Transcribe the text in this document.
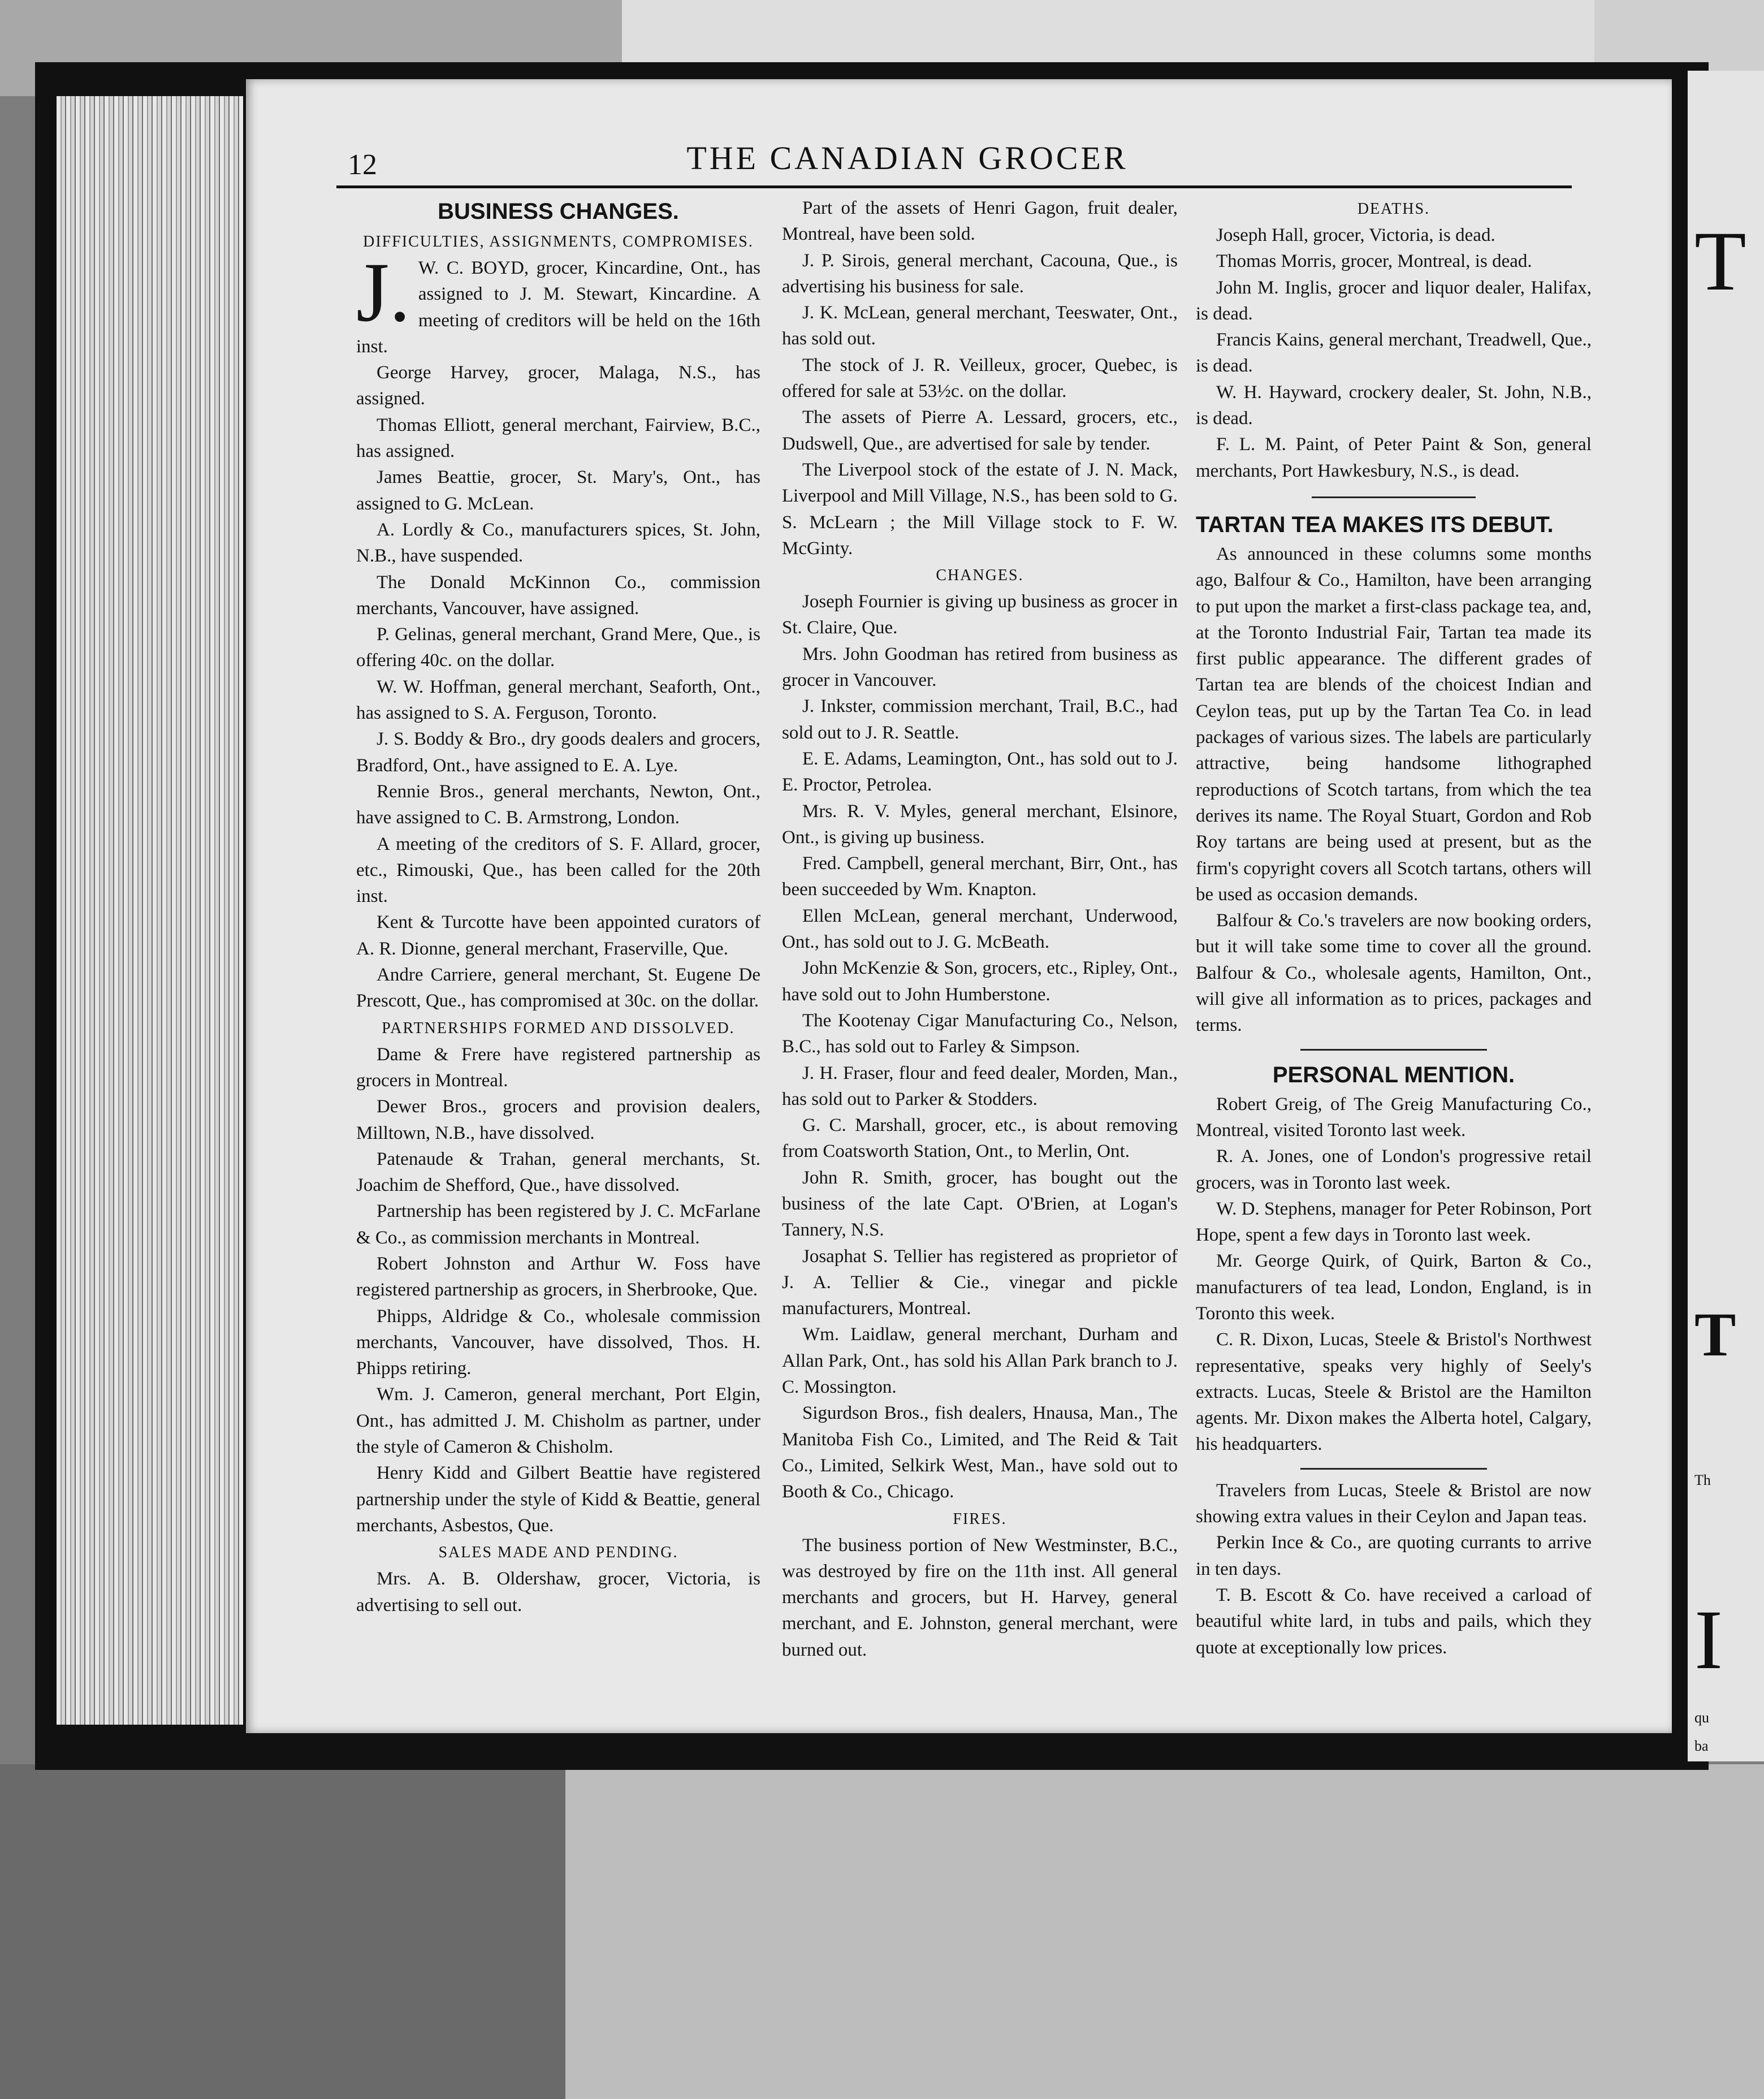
T
T
Th
I
qu
ba
12	THE CANADIAN GROCER
BUSINESS CHANGES.
DIFFICULTIES, ASSIGNMENTS, COMPROMISES.
J. W. C. BOYD, grocer, Kincardine, Ont., has assigned to J. M. Stewart, Kincardine. A meeting of creditors will be held on the 16th inst.

George Harvey, grocer, Malaga, N.S., has assigned.

Thomas Elliott, general merchant, Fairview, B.C., has assigned.

James Beattie, grocer, St. Mary's, Ont., has assigned to G. McLean.

A. Lordly & Co., manufacturers spices, St. John, N.B., have suspended.

The Donald McKinnon Co., commission merchants, Vancouver, have assigned.

P. Gelinas, general merchant, Grand Mere, Que., is offering 40c. on the dollar.

W. W. Hoffman, general merchant, Seaforth, Ont., has assigned to S. A. Ferguson, Toronto.

J. S. Boddy & Bro., dry goods dealers and grocers, Bradford, Ont., have assigned to E. A. Lye.

Rennie Bros., general merchants, Newton, Ont., have assigned to C. B. Armstrong, London.

A meeting of the creditors of S. F. Allard, grocer, etc., Rimouski, Que., has been called for the 20th inst.

Kent & Turcotte have been appointed curators of A. R. Dionne, general merchant, Fraserville, Que.

Andre Carriere, general merchant, St. Eugene De Prescott, Que., has compromised at 30c. on the dollar.

PARTNERSHIPS FORMED AND DISSOLVED.

Dame & Frere have registered partnership as grocers in Montreal.

Dewer Bros., grocers and provision dealers, Milltown, N.B., have dissolved.

Patenaude & Trahan, general merchants, St. Joachim de Shefford, Que., have dissolved.

Partnership has been registered by J. C. McFarlane & Co., as commission merchants in Montreal.

Robert Johnston and Arthur W. Foss have registered partnership as grocers, in Sherbrooke, Que.

Phipps, Aldridge & Co., wholesale commission merchants, Vancouver, have dissolved, Thos. H. Phipps retiring.

Wm. J. Cameron, general merchant, Port Elgin, Ont., has admitted J. M. Chisholm as partner, under the style of Cameron & Chisholm.

Henry Kidd and Gilbert Beattie have registered partnership under the style of Kidd & Beattie, general merchants, Asbestos, Que.

SALES MADE AND PENDING.

Mrs. A. B. Oldershaw, grocer, Victoria, is advertising to sell out.

Part of the assets of Henri Gagon, fruit dealer, Montreal, have been sold.

J. P. Sirois, general merchant, Cacouna, Que., is advertising his business for sale.

J. K. McLean, general merchant, Teeswater, Ont., has sold out.

The stock of J. R. Veilleux, grocer, Quebec, is offered for sale at 53½c. on the dollar.

The assets of Pierre A. Lessard, grocers, etc., Dudswell, Que., are advertised for sale by tender.

The Liverpool stock of the estate of J. N. Mack, Liverpool and Mill Village, N.S., has been sold to G. S. McLearn ; the Mill Village stock to F. W. McGinty.

CHANGES.

Joseph Fournier is giving up business as grocer in St. Claire, Que.

Mrs. John Goodman has retired from business as grocer in Vancouver.

J. Inkster, commission merchant, Trail, B.C., had sold out to J. R. Seattle.

E. E. Adams, Leamington, Ont., has sold out to J. E. Proctor, Petrolea.

Mrs. R. V. Myles, general merchant, Elsinore, Ont., is giving up business.

Fred. Campbell, general merchant, Birr, Ont., has been succeeded by Wm. Knapton.

Ellen McLean, general merchant, Underwood, Ont., has sold out to J. G. McBeath.

John McKenzie & Son, grocers, etc., Ripley, Ont., have sold out to John Humberstone.

The Kootenay Cigar Manufacturing Co., Nelson, B.C., has sold out to Farley & Simpson.

J. H. Fraser, flour and feed dealer, Morden, Man., has sold out to Parker & Stodders.

G. C. Marshall, grocer, etc., is about removing from Coatsworth Station, Ont., to Merlin, Ont.

John R. Smith, grocer, has bought out the business of the late Capt. O'Brien, at Logan's Tannery, N.S.

Josaphat S. Tellier has registered as proprietor of J. A. Tellier & Cie., vinegar and pickle manufacturers, Montreal.

Wm. Laidlaw, general merchant, Durham and Allan Park, Ont., has sold his Allan Park branch to J. C. Mossington.

Sigurdson Bros., fish dealers, Hnausa, Man., The Manitoba Fish Co., Limited, and The Reid & Tait Co., Limited, Selkirk West, Man., have sold out to Booth & Co., Chicago.

FIRES.

The business portion of New Westminster, B.C., was destroyed by fire on the 11th inst. All general merchants and grocers, but H. Harvey, general merchant, and E. Johnston, general merchant, were burned out.

DEATHS.

Joseph Hall, grocer, Victoria, is dead.

Thomas Morris, grocer, Montreal, is dead.

John M. Inglis, grocer and liquor dealer, Halifax, is dead.

Francis Kains, general merchant, Treadwell, Que., is dead.

W. H. Hayward, crockery dealer, St. John, N.B., is dead.

F. L. M. Paint, of Peter Paint & Son, general merchants, Port Hawkesbury, N.S., is dead.

TARTAN TEA MAKES ITS DEBUT.

As announced in these columns some months ago, Balfour & Co., Hamilton, have been arranging to put upon the market a first-class package tea, and, at the Toronto Industrial Fair, Tartan tea made its first public appearance. The different grades of Tartan tea are blends of the choicest Indian and Ceylon teas, put up by the Tartan Tea Co. in lead packages of various sizes. The labels are particularly attractive, being handsome lithographed reproductions of Scotch tartans, from which the tea derives its name. The Royal Stuart, Gordon and Rob Roy tartans are being used at present, but as the firm's copyright covers all Scotch tartans, others will be used as occasion demands.

Balfour & Co.'s travelers are now booking orders, but it will take some time to cover all the ground. Balfour & Co., wholesale agents, Hamilton, Ont., will give all information as to prices, packages and terms.

PERSONAL MENTION.

Robert Greig, of The Greig Manufacturing Co., Montreal, visited Toronto last week.

R. A. Jones, one of London's progressive retail grocers, was in Toronto last week.

W. D. Stephens, manager for Peter Robinson, Port Hope, spent a few days in Toronto last week.

Mr. George Quirk, of Quirk, Barton & Co., manufacturers of tea lead, London, England, is in Toronto this week.

C. R. Dixon, Lucas, Steele & Bristol's Northwest representative, speaks very highly of Seely's extracts. Lucas, Steele & Bristol are the Hamilton agents. Mr. Dixon makes the Alberta hotel, Calgary, his headquarters.

Travelers from Lucas, Steele & Bristol are now showing extra values in their Ceylon and Japan teas.

Perkin Ince & Co., are quoting currants to arrive in ten days.

T. B. Escott & Co. have received a carload of beautiful white lard, in tubs and pails, which they quote at exceptionally low prices.
